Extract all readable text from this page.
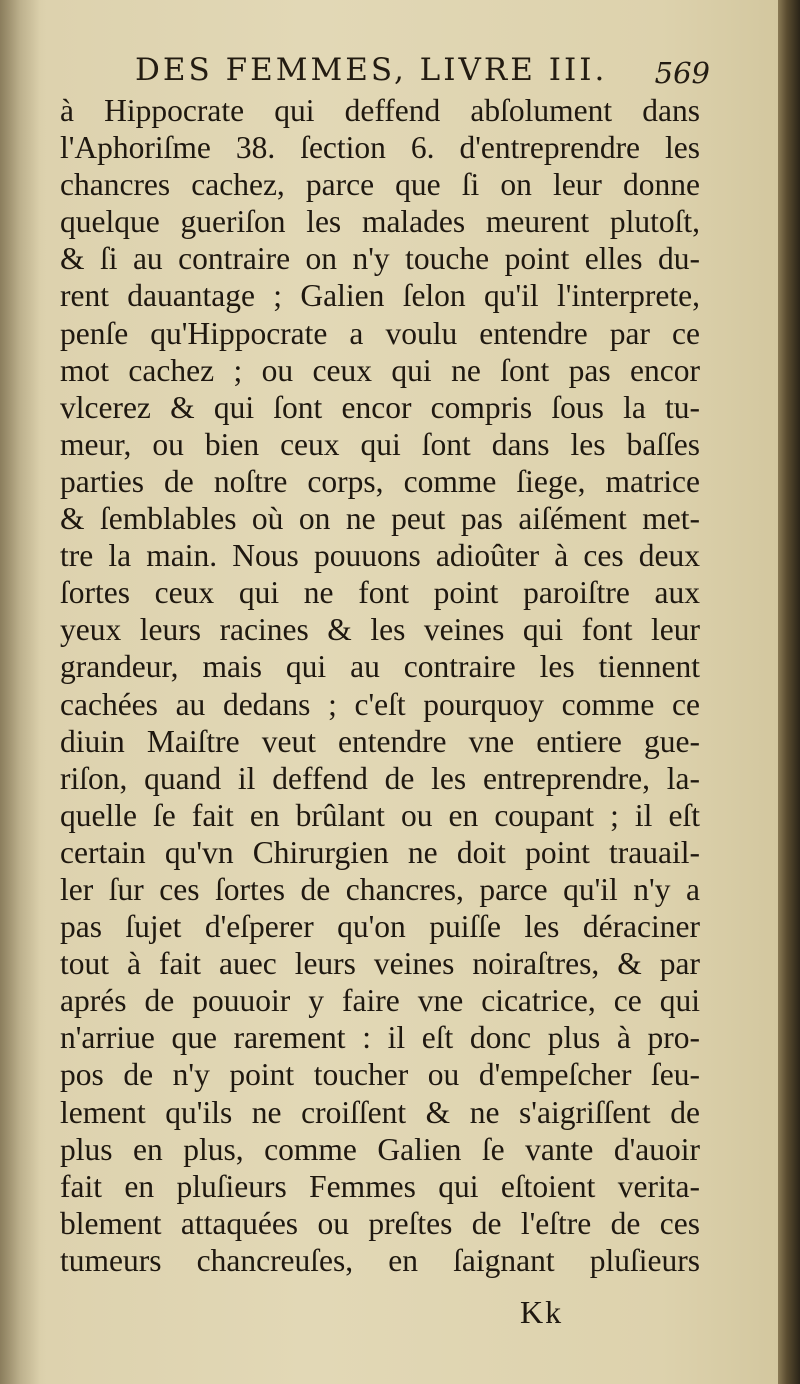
DES FEMMES, LIVRE III. 569
à Hippocrate qui deffend abſolument dans
l'Aphoriſme 38. ſection 6. d'entreprendre les
chancres cachez, parce que ſi on leur donne
quelque gueriſon les malades meurent plutoſt,
& ſi au contraire on n'y touche point elles du-
rent dauantage ; Galien ſelon qu'il l'interprete,
penſe qu'Hippocrate a voulu entendre par ce
mot cachez ; ou ceux qui ne ſont pas encor
vlcerez & qui ſont encor compris ſous la tu-
meur, ou bien ceux qui ſont dans les baſſes
parties de noſtre corps, comme ſiege, matrice
& ſemblables où on ne peut pas aiſément met-
tre la main. Nous pouuons adioûter à ces deux
ſortes ceux qui ne font point paroiſtre aux
yeux leurs racines & les veines qui font leur
grandeur, mais qui au contraire les tiennent
cachées au dedans ; c'eſt pourquoy comme ce
diuin Maiſtre veut entendre vne entiere gue-
riſon, quand il deffend de les entreprendre, la-
quelle ſe fait en brûlant ou en coupant ; il eſt
certain qu'vn Chirurgien ne doit point trauail-
ler ſur ces ſortes de chancres, parce qu'il n'y a
pas ſujet d'eſperer qu'on puiſſe les déraciner
tout à fait auec leurs veines noiraſtres, & par
aprés de pouuoir y faire vne cicatrice, ce qui
n'arriue que rarement : il eſt donc plus à pro-
pos de n'y point toucher ou d'empeſcher ſeu-
lement qu'ils ne croiſſent & ne s'aigriſſent de
plus en plus, comme Galien ſe vante d'auoir
fait en pluſieurs Femmes qui eſtoient verita-
blement attaquées ou preſtes de l'eſtre de ces
tumeurs chancreuſes, en ſaignant pluſieurs
Kk
